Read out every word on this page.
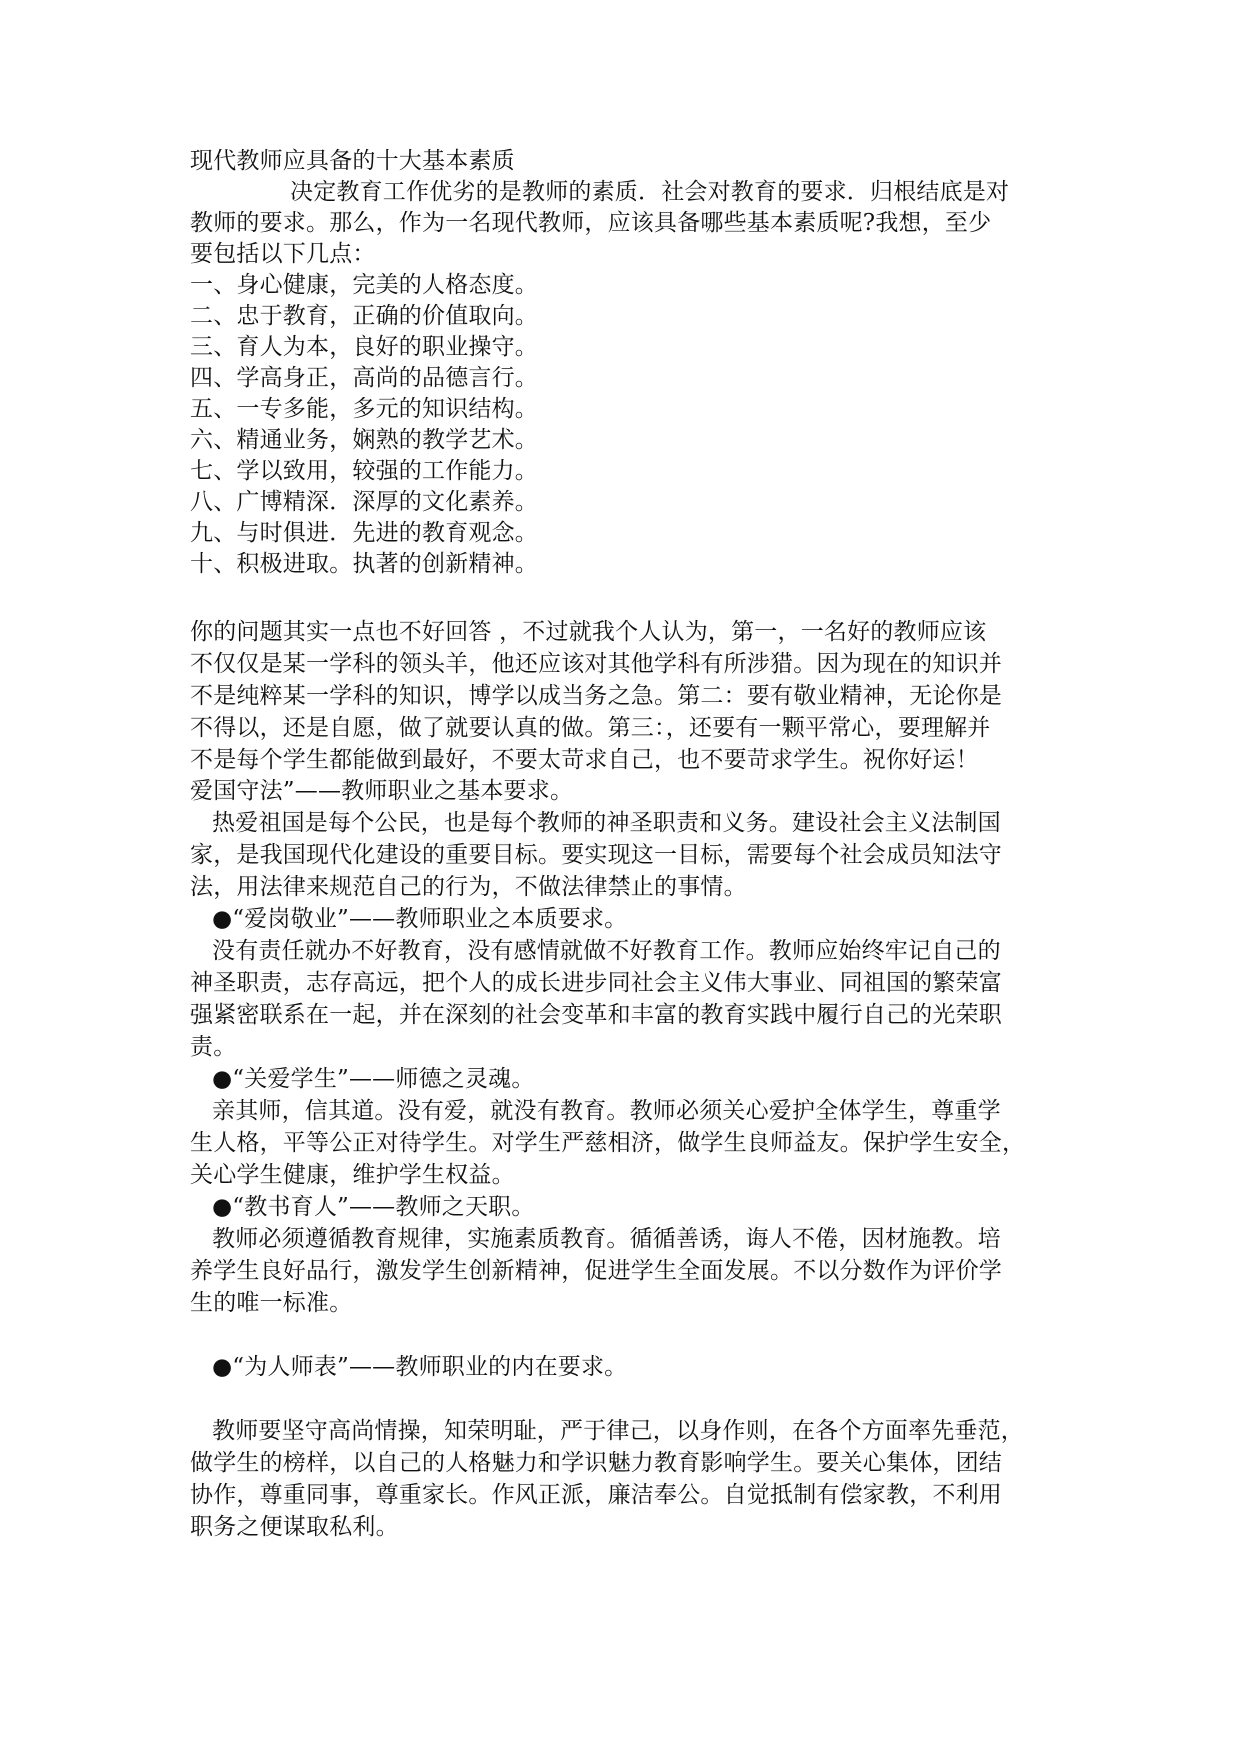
现代教师应具备的十大基本素质
决定教育工作优劣的是教师的素质．社会对教育的要求．归根结底是对
教师的要求。那么，作为一名现代教师，应该具备哪些基本素质呢?我想，至少
要包括以下几点：
一、身心健康，完美的人格态度。
二、忠于教育，正确的价值取向。
三、育人为本，良好的职业操守。
四、学高身正，高尚的品德言行。
五、一专多能，多元的知识结构。
六、精通业务，娴熟的教学艺术。
七、学以致用，较强的工作能力。
八、广博精深．深厚的文化素养。
九、与时俱进．先进的教育观念。
十、积极进取。执著的创新精神。
你的问题其实一点也不好回答 ，不过就我个人认为，第一，一名好的教师应该
不仅仅是某一学科的领头羊，他还应该对其他学科有所涉猎。因为现在的知识并
不是纯粹某一学科的知识，博学以成当务之急。第二：要有敬业精神，无论你是
不得以，还是自愿，做了就要认真的做。第三：，还要有一颗平常心，要理解并
不是每个学生都能做到最好，不要太苛求自己，也不要苛求学生。祝你好运！
爱国守法”——教师职业之基本要求。
热爱祖国是每个公民，也是每个教师的神圣职责和义务。建设社会主义法制国
家，是我国现代化建设的重要目标。要实现这一目标，需要每个社会成员知法守
法，用法律来规范自己的行为，不做法律禁止的事情。
●“爱岗敬业”——教师职业之本质要求。
没有责任就办不好教育，没有感情就做不好教育工作。教师应始终牢记自己的
神圣职责，志存高远，把个人的成长进步同社会主义伟大事业、同祖国的繁荣富
强紧密联系在一起，并在深刻的社会变革和丰富的教育实践中履行自己的光荣职
责。
●“关爱学生”——师德之灵魂。
亲其师，信其道。没有爱，就没有教育。教师必须关心爱护全体学生，尊重学
生人格，平等公正对待学生。对学生严慈相济，做学生良师益友。保护学生安全，
关心学生健康，维护学生权益。
●“教书育人”——教师之天职。
教师必须遵循教育规律，实施素质教育。循循善诱，诲人不倦，因材施教。培
养学生良好品行，激发学生创新精神，促进学生全面发展。不以分数作为评价学
生的唯一标准。
●“为人师表”——教师职业的内在要求。
教师要坚守高尚情操，知荣明耻，严于律己，以身作则，在各个方面率先垂范，
做学生的榜样，以自己的人格魅力和学识魅力教育影响学生。要关心集体，团结
协作，尊重同事，尊重家长。作风正派，廉洁奉公。自觉抵制有偿家教，不利用
职务之便谋取私利。
